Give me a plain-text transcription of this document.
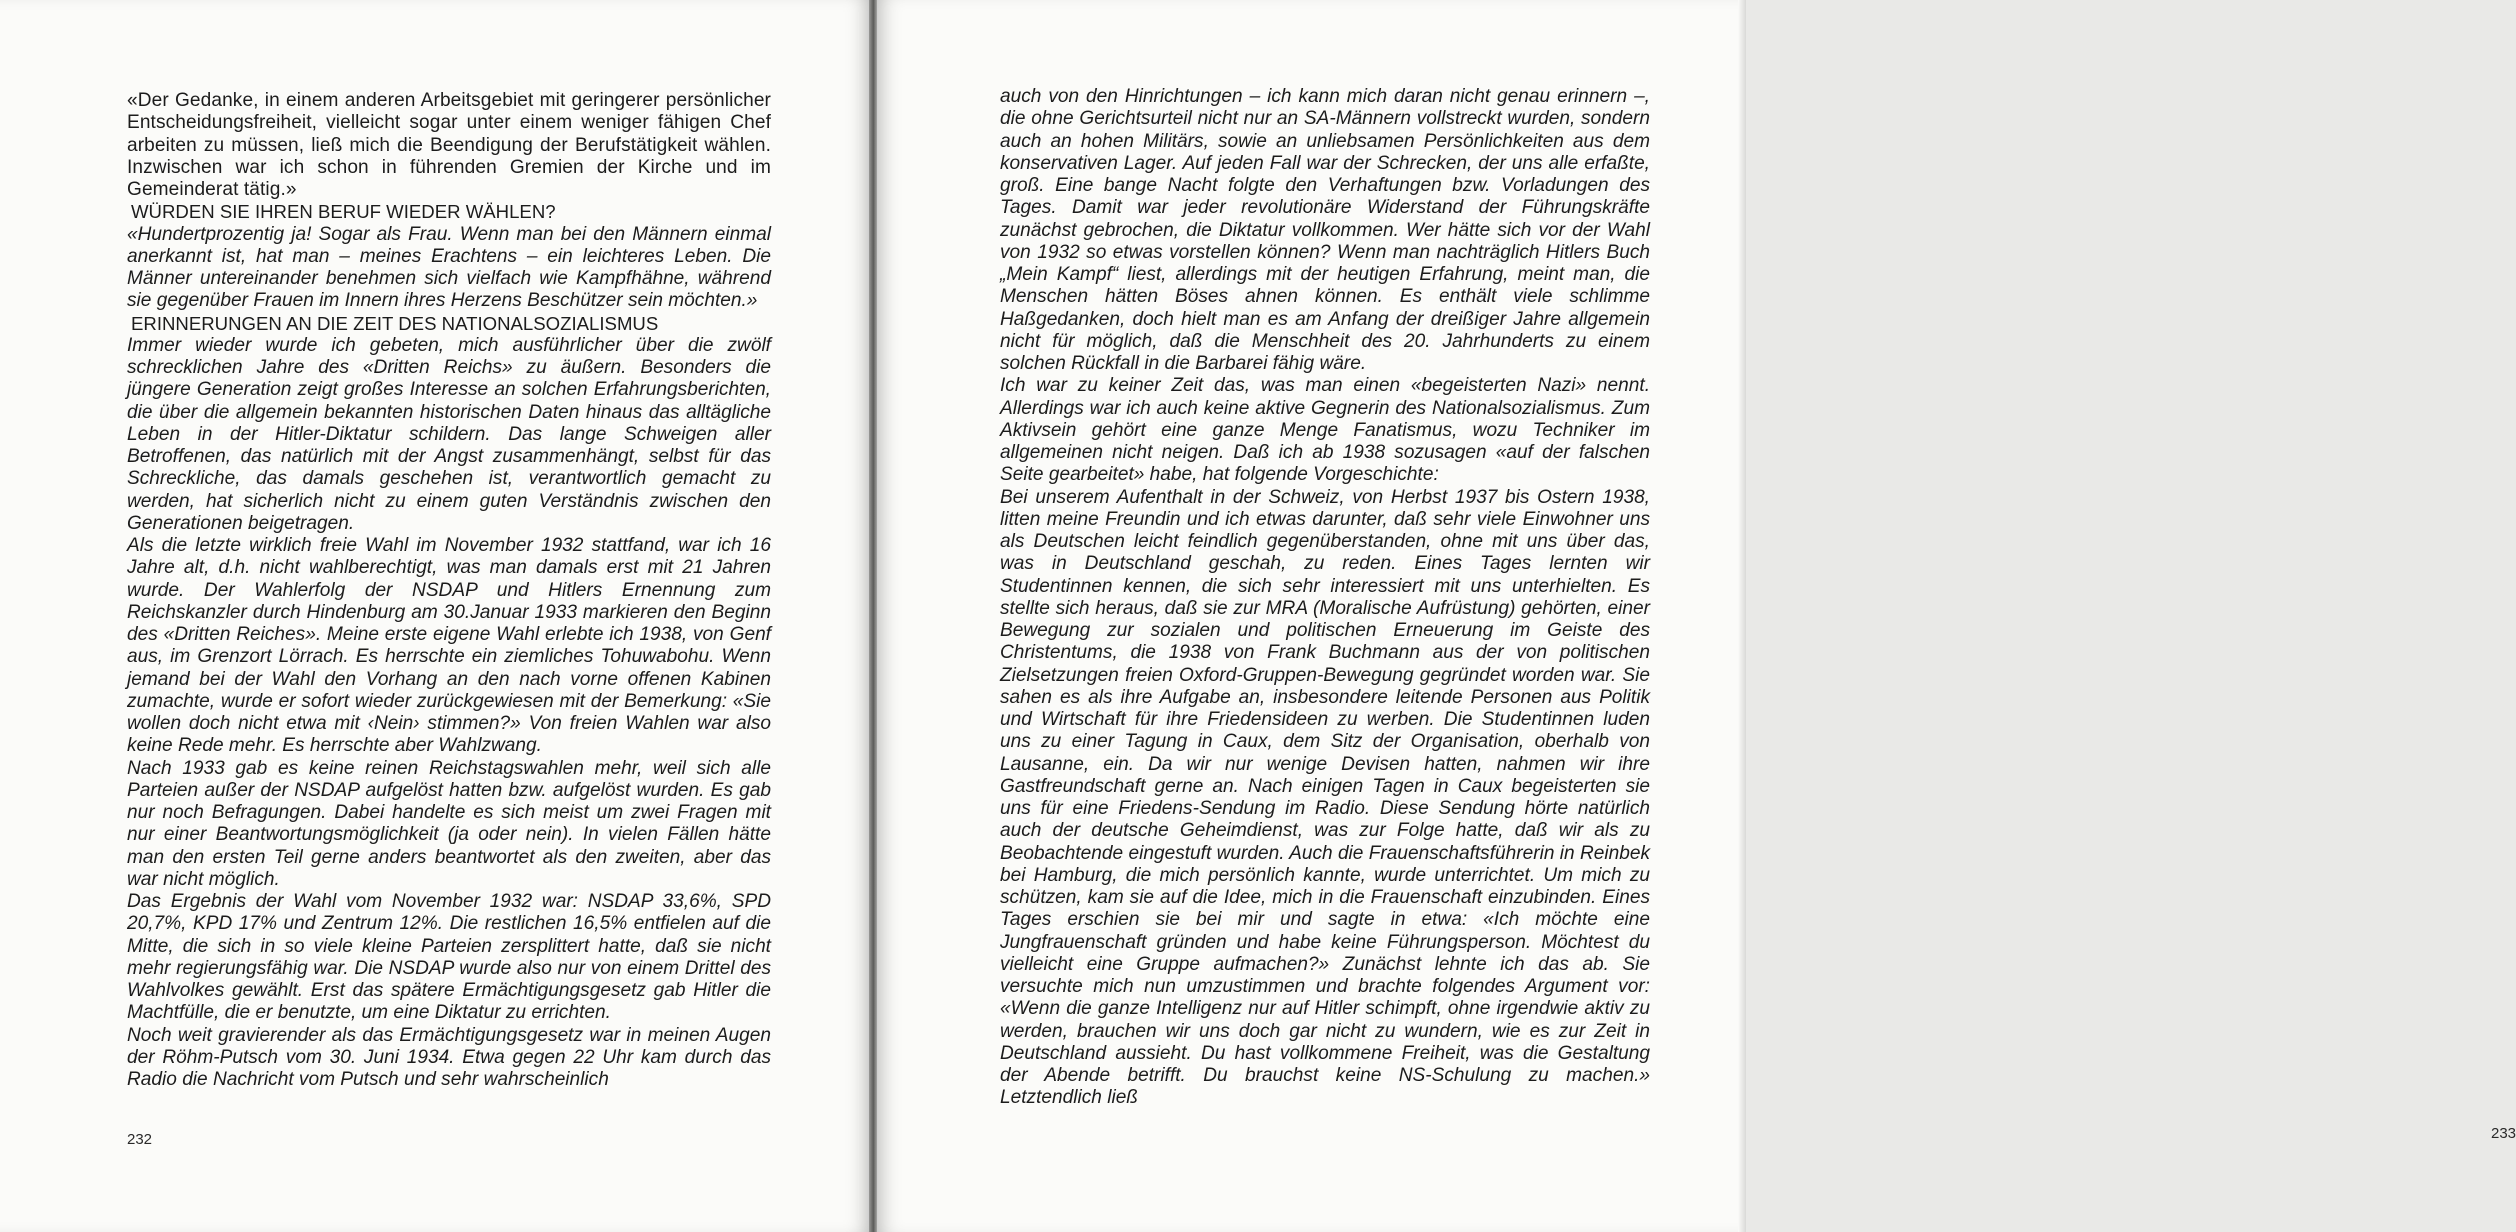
«Der Gedanke, in einem anderen Arbeitsgebiet mit geringerer persönlicher Entscheidungsfreiheit, vielleicht sogar unter einem weniger fähigen Chef arbeiten zu müssen, ließ mich die Beendigung der Berufstätigkeit wählen. Inzwischen war ich schon in führenden Gremien der Kirche und im Gemeinderat tätig.»

WÜRDEN SIE IHREN BERUF WIEDER WÄHLEN?

«Hundertprozentig ja! Sogar als Frau. Wenn man bei den Männern einmal anerkannt ist, hat man – meines Erachtens – ein leichteres Leben. Die Männer untereinander benehmen sich vielfach wie Kampfhähne, während sie gegenüber Frauen im Innern ihres Herzens Beschützer sein möchten.»

ERINNERUNGEN AN DIE ZEIT DES NATIONALSOZIALISMUS

Immer wieder wurde ich gebeten, mich ausführlicher über die zwölf schrecklichen Jahre des «Dritten Reichs» zu äußern. Besonders die jüngere Generation zeigt großes Interesse an solchen Erfahrungsberichten, die über die allgemein bekannten historischen Daten hinaus das alltägliche Leben in der Hitler-Diktatur schildern. Das lange Schweigen aller Betroffenen, das natürlich mit der Angst zusammenhängt, selbst für das Schreckliche, das damals geschehen ist, verantwortlich gemacht zu werden, hat sicherlich nicht zu einem guten Verständnis zwischen den Generationen beigetragen.

Als die letzte wirklich freie Wahl im November 1932 stattfand, war ich 16 Jahre alt, d.h. nicht wahlberechtigt, was man damals erst mit 21 Jahren wurde. Der Wahlerfolg der NSDAP und Hitlers Ernennung zum Reichskanzler durch Hindenburg am 30.Januar 1933 markieren den Beginn des «Dritten Reiches». Meine erste eigene Wahl erlebte ich 1938, von Genf aus, im Grenzort Lörrach. Es herrschte ein ziemliches Tohuwabohu. Wenn jemand bei der Wahl den Vorhang an den nach vorne offenen Kabinen zumachte, wurde er sofort wieder zurückgewiesen mit der Bemerkung: «Sie wollen doch nicht etwa mit ‹Nein› stimmen?» Von freien Wahlen war also keine Rede mehr. Es herrschte aber Wahlzwang.

Nach 1933 gab es keine reinen Reichstagswahlen mehr, weil sich alle Parteien außer der NSDAP aufgelöst hatten bzw. aufgelöst wurden. Es gab nur noch Befragungen. Dabei handelte es sich meist um zwei Fragen mit nur einer Beantwortungsmöglichkeit (ja oder nein). In vielen Fällen hätte man den ersten Teil gerne anders beantwortet als den zweiten, aber das war nicht möglich.

Das Ergebnis der Wahl vom November 1932 war: NSDAP 33,6%, SPD 20,7%, KPD 17% und Zentrum 12%. Die restlichen 16,5% entfielen auf die Mitte, die sich in so viele kleine Parteien zersplittert hatte, daß sie nicht mehr regierungsfähig war. Die NSDAP wurde also nur von einem Drittel des Wahlvolkes gewählt. Erst das spätere Ermächtigungsgesetz gab Hitler die Machtfülle, die er benutzte, um eine Diktatur zu errichten.

Noch weit gravierender als das Ermächtigungsgesetz war in meinen Augen der Röhm-Putsch vom 30. Juni 1934. Etwa gegen 22 Uhr kam durch das Radio die Nachricht vom Putsch und sehr wahrscheinlich

232	233

auch von den Hinrichtungen – ich kann mich daran nicht genau erinnern –, die ohne Gerichtsurteil nicht nur an SA-Männern vollstreckt wurden, sondern auch an hohen Militärs, sowie an unliebsamen Persönlichkeiten aus dem konservativen Lager. Auf jeden Fall war der Schrecken, der uns alle erfaßte, groß. Eine bange Nacht folgte den Verhaftungen bzw. Vorladungen des Tages. Damit war jeder revolutionäre Widerstand der Führungskräfte zunächst gebrochen, die Diktatur vollkommen. Wer hätte sich vor der Wahl von 1932 so etwas vorstellen können? Wenn man nachträglich Hitlers Buch „Mein Kampf“ liest, allerdings mit der heutigen Erfahrung, meint man, die Menschen hätten Böses ahnen können. Es enthält viele schlimme Haßgedanken, doch hielt man es am Anfang der dreißiger Jahre allgemein nicht für möglich, daß die Menschheit des 20. Jahrhunderts zu einem solchen Rückfall in die Barbarei fähig wäre.

Ich war zu keiner Zeit das, was man einen «begeisterten Nazi» nennt. Allerdings war ich auch keine aktive Gegnerin des Nationalsozialismus. Zum Aktivsein gehört eine ganze Menge Fanatismus, wozu Techniker im allgemeinen nicht neigen. Daß ich ab 1938 sozusagen «auf der falschen Seite gearbeitet» habe, hat folgende Vorgeschichte:

Bei unserem Aufenthalt in der Schweiz, von Herbst 1937 bis Ostern 1938, litten meine Freundin und ich etwas darunter, daß sehr viele Einwohner uns als Deutschen leicht feindlich gegenüberstanden, ohne mit uns über das, was in Deutschland geschah, zu reden. Eines Tages lernten wir Studentinnen kennen, die sich sehr interessiert mit uns unterhielten. Es stellte sich heraus, daß sie zur MRA (Moralische Aufrüstung) gehörten, einer Bewegung zur sozialen und politischen Erneuerung im Geiste des Christentums, die 1938 von Frank Buchmann aus der von politischen Zielsetzungen freien Oxford-Gruppen-Bewegung gegründet worden war. Sie sahen es als ihre Aufgabe an, insbesondere leitende Personen aus Politik und Wirtschaft für ihre Friedensideen zu werben. Die Studentinnen luden uns zu einer Tagung in Caux, dem Sitz der Organisation, oberhalb von Lausanne, ein. Da wir nur wenige Devisen hatten, nahmen wir ihre Gastfreundschaft gerne an. Nach einigen Tagen in Caux begeisterten sie uns für eine Friedens-Sendung im Radio. Diese Sendung hörte natürlich auch der deutsche Geheimdienst, was zur Folge hatte, daß wir als zu Beobachtende eingestuft wurden. Auch die Frauenschaftsführerin in Reinbek bei Hamburg, die mich persönlich kannte, wurde unterrichtet. Um mich zu schützen, kam sie auf die Idee, mich in die Frauenschaft einzubinden. Eines Tages erschien sie bei mir und sagte in etwa: «Ich möchte eine Jungfrauenschaft gründen und habe keine Führungsperson. Möchtest du vielleicht eine Gruppe aufmachen?» Zunächst lehnte ich das ab. Sie versuchte mich nun umzustimmen und brachte folgendes Argument vor: «Wenn die ganze Intelligenz nur auf Hitler schimpft, ohne irgendwie aktiv zu werden, brauchen wir uns doch gar nicht zu wundern, wie es zur Zeit in Deutschland aussieht. Du hast vollkommene Freiheit, was die Gestaltung der Abende betrifft. Du brauchst keine NS-Schulung zu machen.» Letztendlich ließ
